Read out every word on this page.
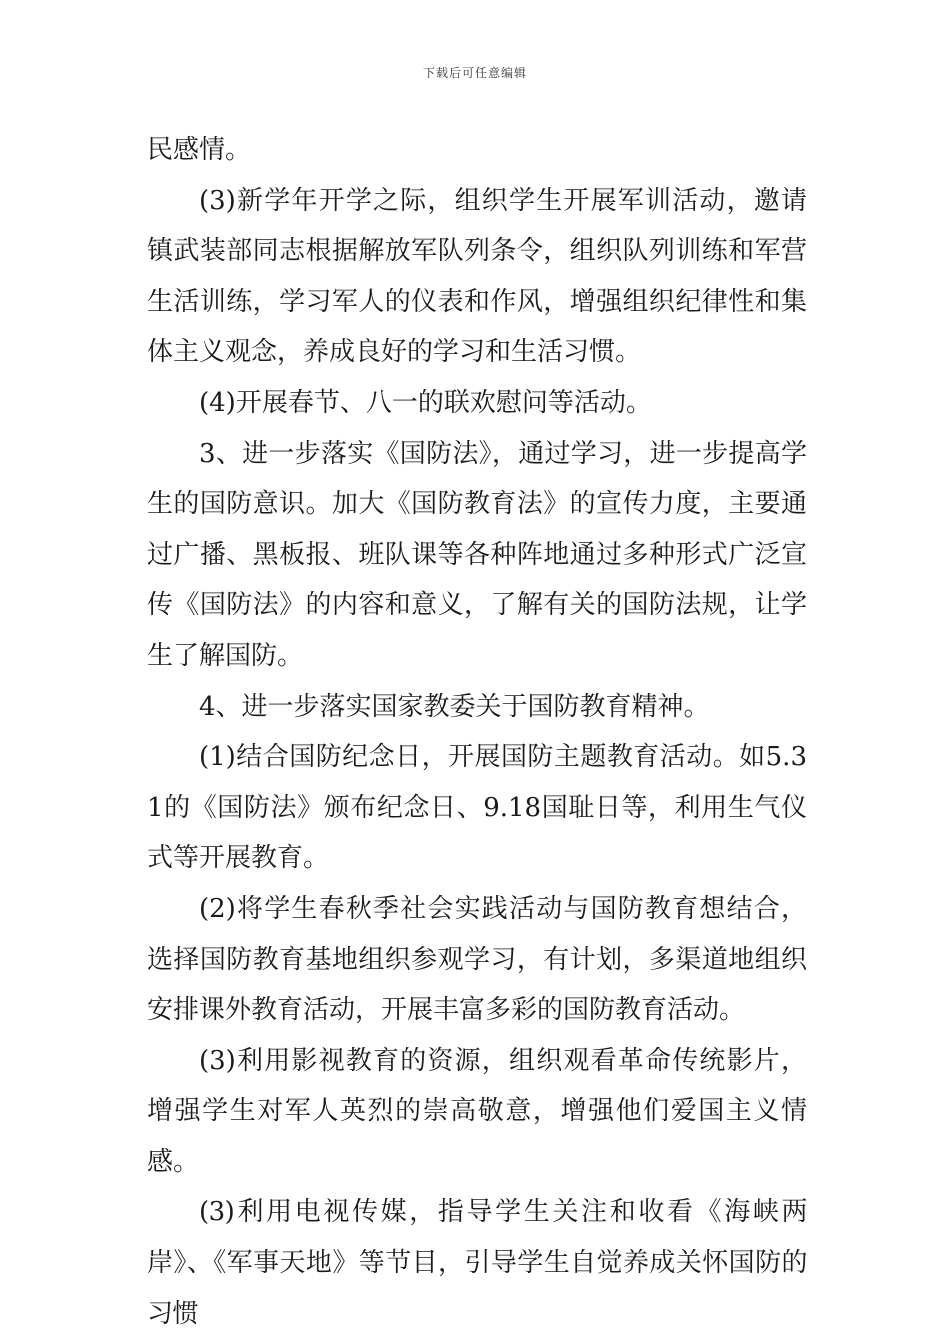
下载后可任意编辑

民感情。

(3)新学年开学之际，组织学生开展军训活动，邀请镇武装部同志根据解放军队列条令，组织队列训练和军营生活训练，学习军人的仪表和作风，增强组织纪律性和集体主义观念，养成良好的学习和生活习惯。

(4)开展春节、八一的联欢慰问等活动。

3、进一步落实《国防法》，通过学习，进一步提高学生的国防意识。加大《国防教育法》的宣传力度，主要通过广播、黑板报、班队课等各种阵地通过多种形式广泛宣传《国防法》的内容和意义，了解有关的国防法规，让学生了解国防。

4、进一步落实国家教委关于国防教育精神。

(1)结合国防纪念日，开展国防主题教育活动。如5.31的《国防法》颁布纪念日、9.18国耻日等，利用生气仪式等开展教育。

(2)将学生春秋季社会实践活动与国防教育想结合，选择国防教育基地组织参观学习，有计划，多渠道地组织安排课外教育活动，开展丰富多彩的国防教育活动。

(3)利用影视教育的资源，组织观看革命传统影片，增强学生对军人英烈的崇高敬意，增强他们爱国主义情感。

(3)利用电视传媒，指导学生关注和收看《海峡两岸》、《军事天地》等节目，引导学生自觉养成关怀国防的习惯
